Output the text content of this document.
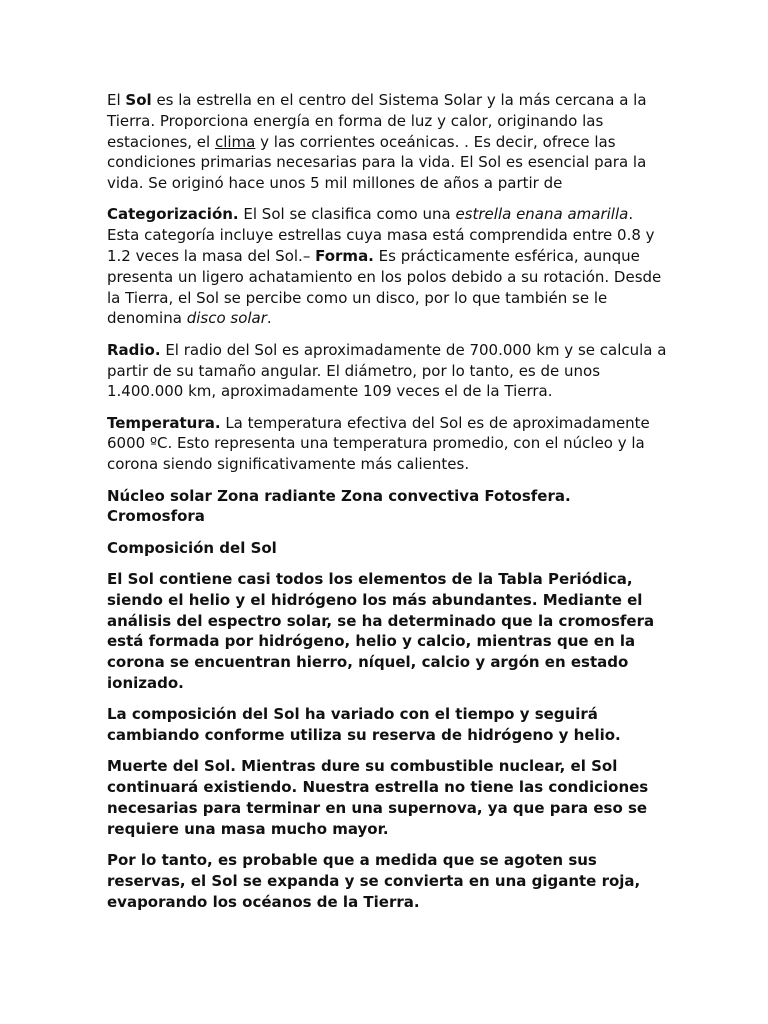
El Sol es la estrella en el centro del Sistema Solar y la más cercana a la Tierra. Proporciona energía en forma de luz y calor, originando las estaciones, el clima y las corrientes oceánicas. . Es decir, ofrece las condiciones primarias necesarias para la vida. El Sol es esencial para la vida. Se originó hace unos 5 mil millones de años a partir de

Categorización. El Sol se clasifica como una estrella enana amarilla. Esta categoría incluye estrellas cuya masa está comprendida entre 0.8 y 1.2 veces la masa del Sol.– Forma. Es prácticamente esférica, aunque presenta un ligero achatamiento en los polos debido a su rotación. Desde la Tierra, el Sol se percibe como un disco, por lo que también se le denomina disco solar.

Radio. El radio del Sol es aproximadamente de 700.000 km y se calcula a partir de su tamaño angular. El diámetro, por lo tanto, es de unos 1.400.000 km, aproximadamente 109 veces el de la Tierra.

Temperatura. La temperatura efectiva del Sol es de aproximadamente 6000 ºC. Esto representa una temperatura promedio, con el núcleo y la corona siendo significativamente más calientes.

Núcleo solar Zona radiante Zona convectiva Fotosfera. Cromosfora

Composición del Sol

El Sol contiene casi todos los elementos de la Tabla Periódica, siendo el helio y el hidrógeno los más abundantes. Mediante el análisis del espectro solar, se ha determinado que la cromosfera está formada por hidrógeno, helio y calcio, mientras que en la corona se encuentran hierro, níquel, calcio y argón en estado ionizado.

La composición del Sol ha variado con el tiempo y seguirá cambiando conforme utiliza su reserva de hidrógeno y helio.

Muerte del Sol. Mientras dure su combustible nuclear, el Sol continuará existiendo. Nuestra estrella no tiene las condiciones necesarias para terminar en una supernova, ya que para eso se requiere una masa mucho mayor.

Por lo tanto, es probable que a medida que se agoten sus reservas, el Sol se expanda y se convierta en una gigante roja, evaporando los océanos de la Tierra.
